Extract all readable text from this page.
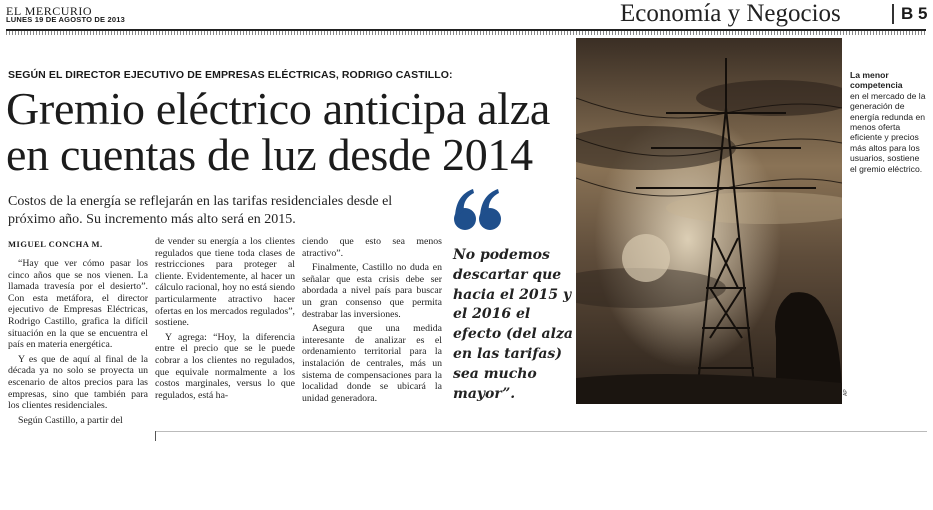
EL MERCURIO
LUNES 19 DE AGOSTO DE 2013	Economía y Negocios	B 5
SEGÚN EL DIRECTOR EJECUTIVO DE EMPRESAS ELÉCTRICAS, RODRIGO CASTILLO:
Gremio eléctrico anticipa alza en cuentas de luz desde 2014

Costos de la energía se reflejarán en las tarifas residenciales desde el próximo año. Su incremento más alto será en 2015.

MIGUEL CONCHA M.

“Hay que ver cómo pasar los cinco años que se nos vienen. La llamada travesía por el desierto”. Con esta metáfora, el director ejecutivo de Empresas Eléctricas, Rodrigo Castillo, grafica la difícil situación en la que se encuentra el país en materia energética.

Y es que de aquí al final de la década ya no solo se proyecta un escenario de altos precios para las empresas, sino que también para los clientes residenciales.

Según Castillo, a partir del

de vender su energía a los clientes regulados que tiene toda clases de restricciones para proteger al cliente. Evidentemente, al hacer un cálculo racional, hoy no está siendo particularmente atractivo hacer ofertas en los mercados regulados”, sostiene.

Y agrega: “Hoy, la diferencia entre el precio que se le puede cobrar a los clientes no regulados, que equivale normalmente a los costos marginales, versus lo que regulados, está ha-

ciendo que esto sea menos atractivo”.

Finalmente, Castillo no duda en señalar que esta crisis debe ser abordada a nivel país para buscar un gran consenso que permita destrabar las inversiones.

Asegura que una medida interesante de analizar es el ordenamiento territorial para la instalación de centrales, más un sistema de compensaciones para la localidad donde se ubicará la unidad generadora.

No podemos descartar que hacia el 2015 y el 2016 el efecto (del alza en las tarifas) sea mucho mayor”.	AP
La menor competencia
en el mercado de la generación de energía redunda en menos oferta eficiente y precios más altos para los usuarios, sostiene el gremio eléctrico.
